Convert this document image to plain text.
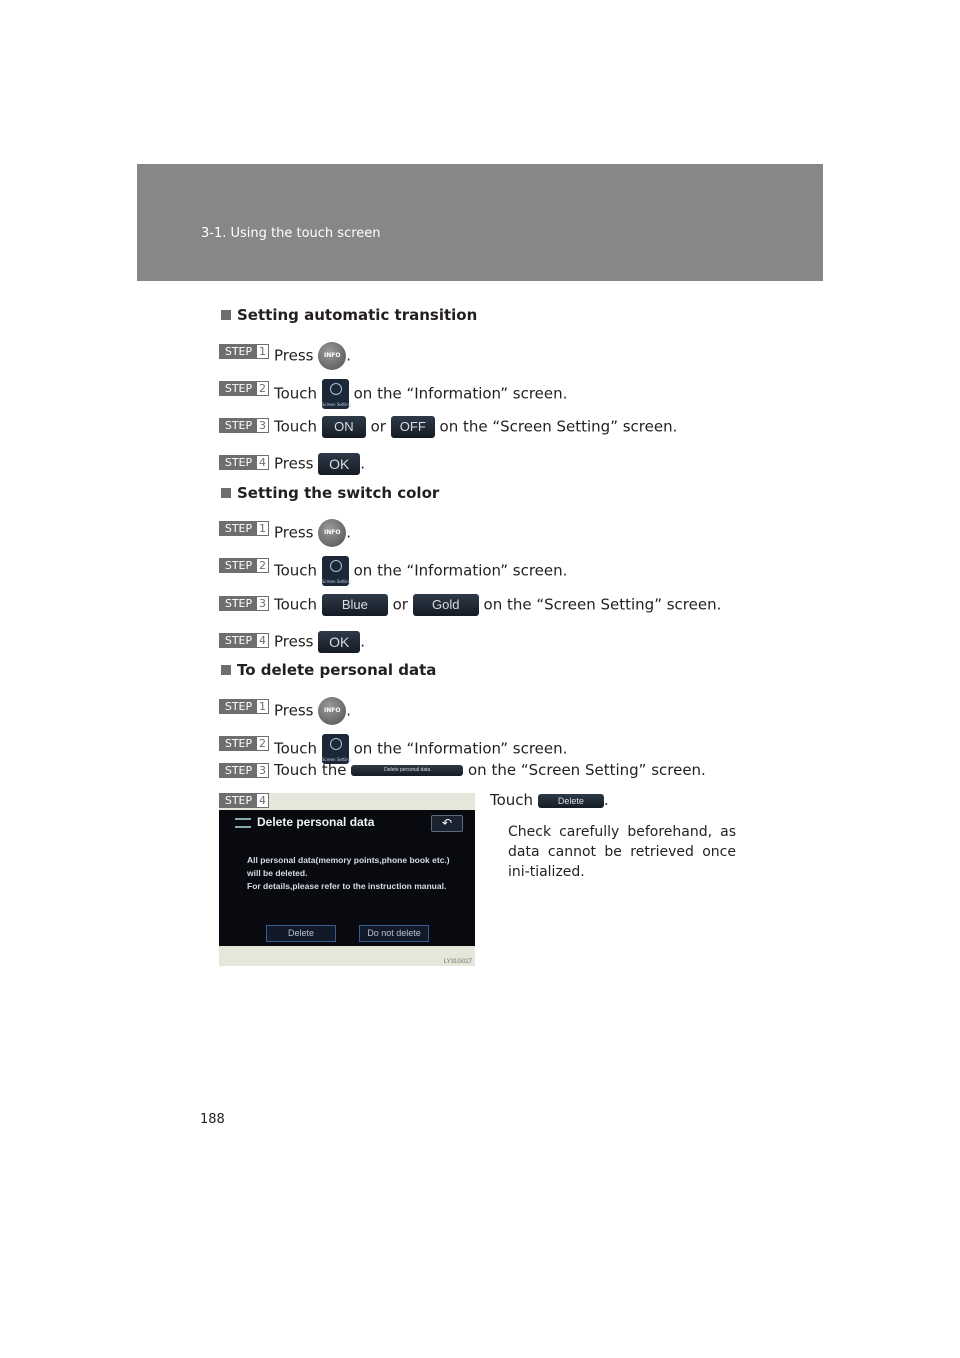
3-1. Using the touch screen
Setting automatic transition
STEP 1 Press INFO .
STEP 2 Touch
Screen Setting
on the “Information” screen.
STEP 3 Touch ON or OFF on the “Screen Setting” screen.
STEP 4 Press OK .
Setting the switch color
STEP 1 Press INFO .
STEP 2 Touch
Screen Setting
on the “Information” screen.
STEP 3 Touch Blue or Gold on the “Screen Setting” screen.
STEP 4 Press OK .
To delete personal data
STEP 1 Press INFO .
STEP 2 Touch
Screen Setting
on the “Information” screen.
STEP 3 Touch the	Delete personal data	on the “Screen Setting” screen.
STEP 4
Delete personal data	↶
All personal data(memory points,phone book etc.)
will be deleted.
For details,please refer to the instruction manual.
Delete	Do not delete
LY31G027
Touch	Delete .
Check carefully beforehand, as data cannot be retrieved once ini-tialized.
188
